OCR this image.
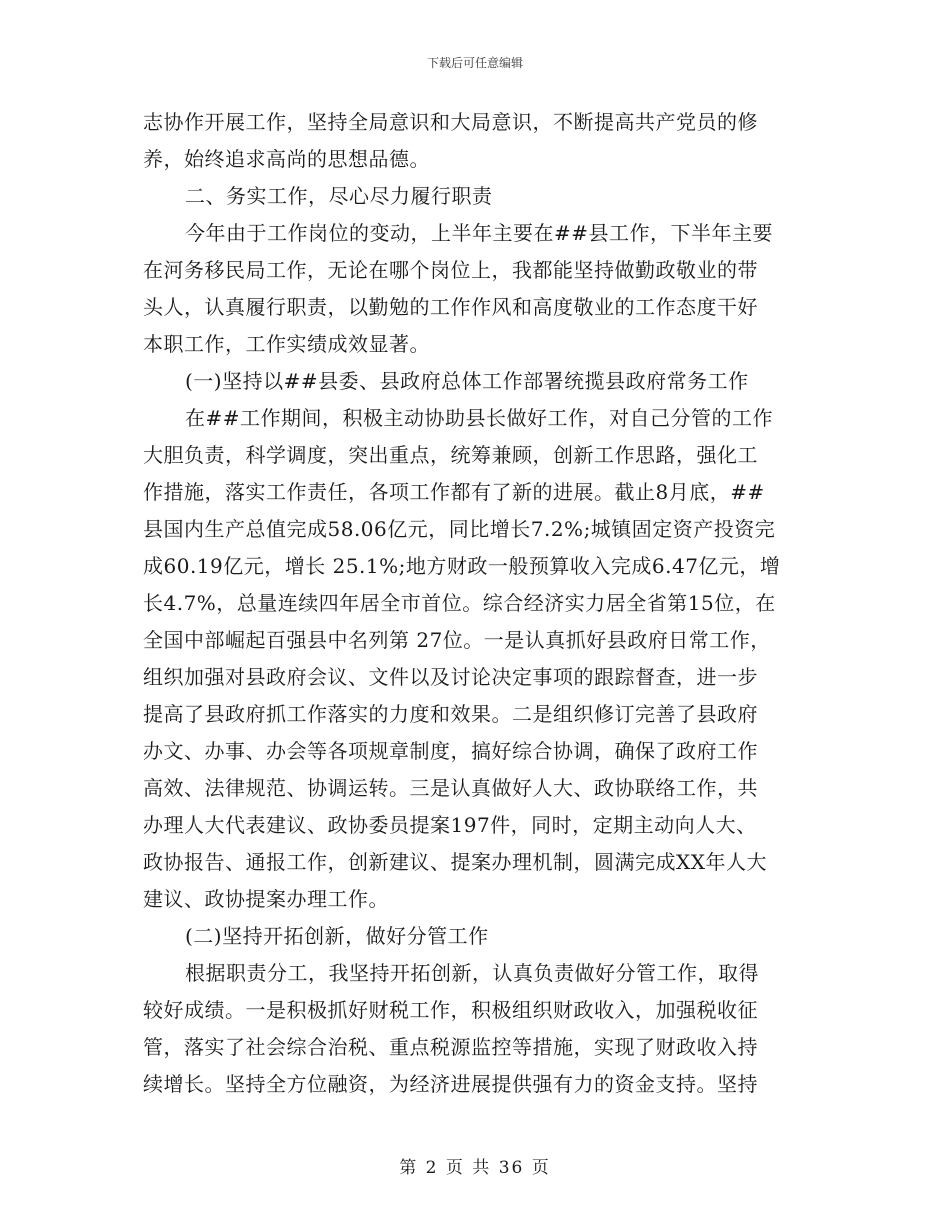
下载后可任意编辑

志协作开展工作，坚持全局意识和大局意识，不断提高共产党员的修

养，始终追求高尚的思想品德。

二、务实工作，尽心尽力履行职责

今年由于工作岗位的变动，上半年主要在##县工作，下半年主要

在河务移民局工作，无论在哪个岗位上，我都能坚持做勤政敬业的带

头人，认真履行职责，以勤勉的工作作风和高度敬业的工作态度干好

本职工作，工作实绩成效显著。

(一)坚持以##县委、县政府总体工作部署统揽县政府常务工作

在##工作期间，积极主动协助县长做好工作，对自己分管的工作

大胆负责，科学调度，突出重点，统筹兼顾，创新工作思路，强化工

作措施，落实工作责任，各项工作都有了新的进展。截止8月底，##

县国内生产总值完成58.06亿元，同比增长7.2%;城镇固定资产投资完

成60.19亿元，增长 25.1%;地方财政一般预算收入完成6.47亿元，增

长4.7%，总量连续四年居全市首位。综合经济实力居全省第15位，在

全国中部崛起百强县中名列第 27位。一是认真抓好县政府日常工作，

组织加强对县政府会议、文件以及讨论决定事项的跟踪督查，进一步

提高了县政府抓工作落实的力度和效果。二是组织修订完善了县政府

办文、办事、办会等各项规章制度，搞好综合协调，确保了政府工作

高效、法律规范、协调运转。三是认真做好人大、政协联络工作，共

办理人大代表建议、政协委员提案197件，同时，定期主动向人大、

政协报告、通报工作，创新建议、提案办理机制，圆满完成XX年人大

建议、政协提案办理工作。

(二)坚持开拓创新，做好分管工作

根据职责分工，我坚持开拓创新，认真负责做好分管工作，取得

较好成绩。一是积极抓好财税工作，积极组织财政收入，加强税收征

管，落实了社会综合治税、重点税源监控等措施，实现了财政收入持

续增长。坚持全方位融资，为经济进展提供强有力的资金支持。坚持

第 2 页 共 36 页
